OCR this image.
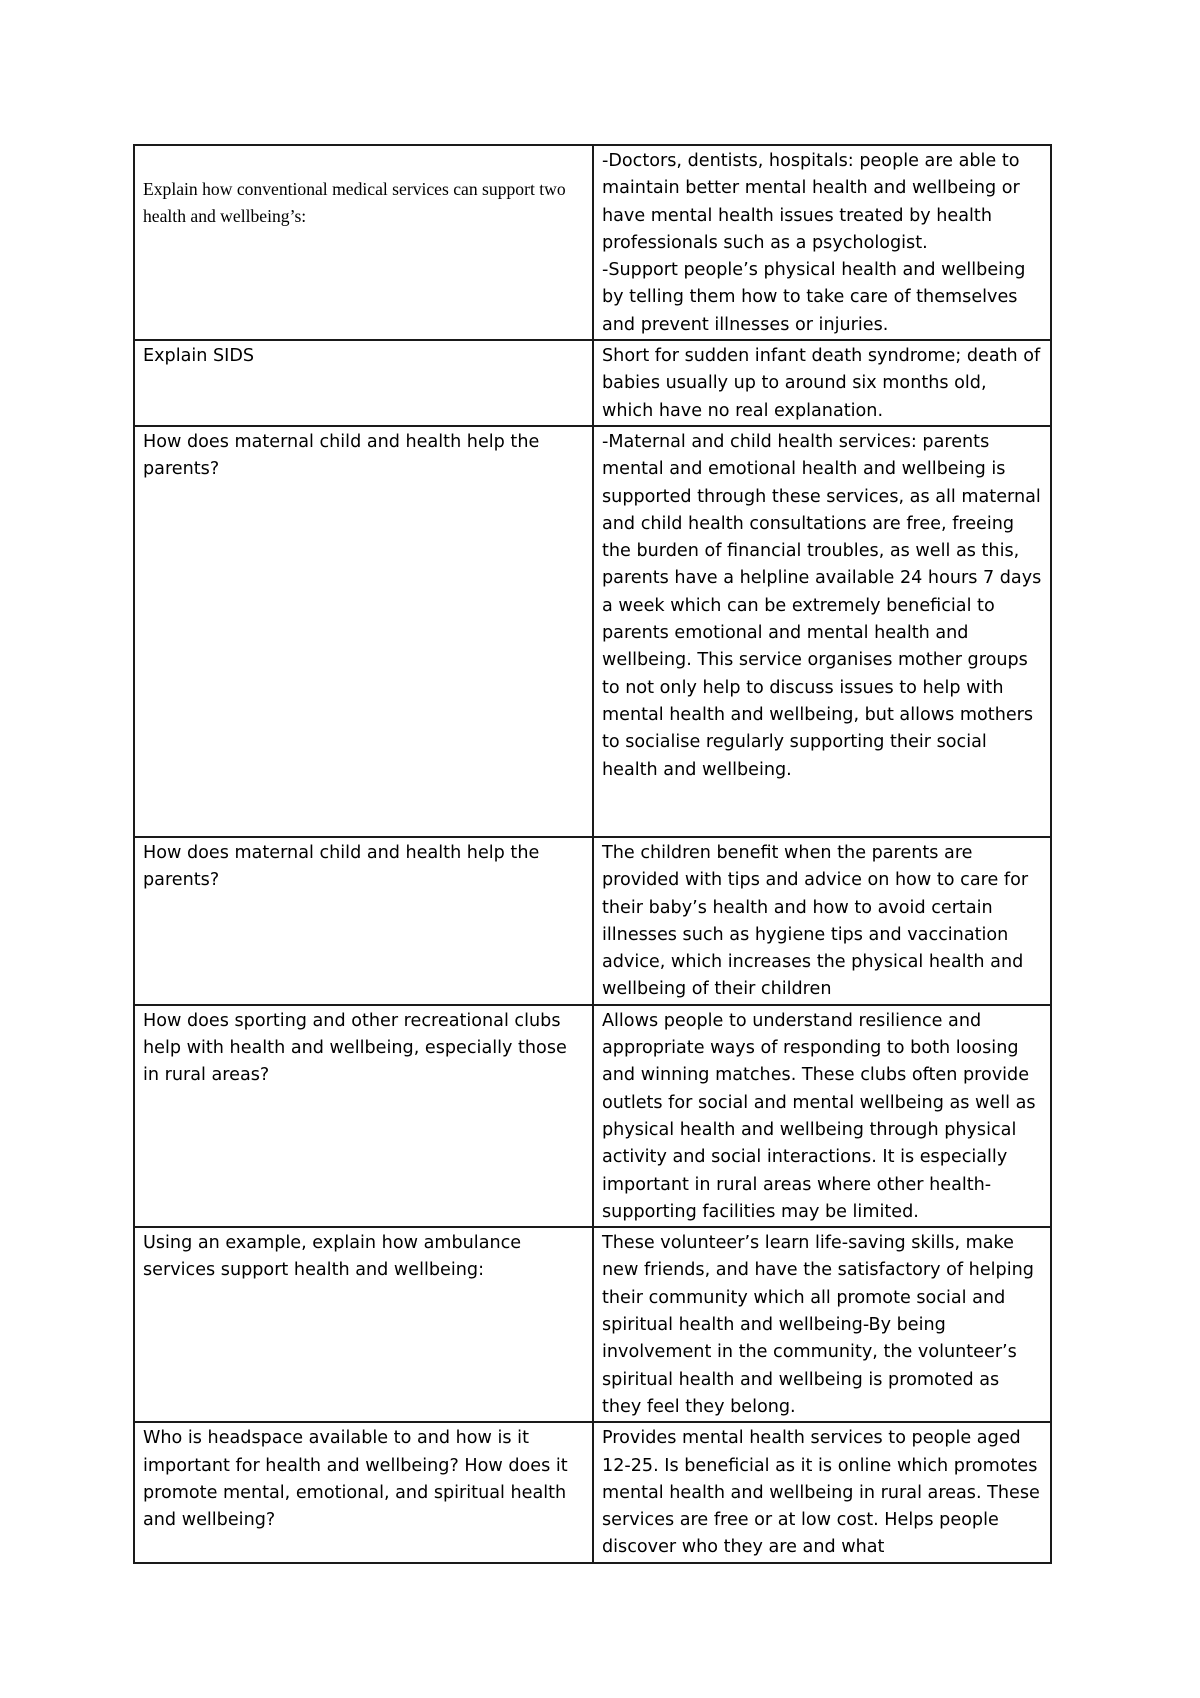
Explain how conventional medical services can support two health and wellbeing’s:	-Doctors, dentists, hospitals: people are able to maintain better mental health and wellbeing or have mental health issues treated by health professionals such as a psychologist.
-Support people’s physical health and wellbeing by telling them how to take care of themselves and prevent illnesses or injuries.

Explain SIDS	Short for sudden infant death syndrome; death of babies usually up to around six months old, which have no real explanation.

How does maternal child and health help the parents?	-Maternal and child health services: parents mental and emotional health and wellbeing is supported through these services, as all maternal and child health consultations are free, freeing the burden of financial troubles, as well as this, parents have a helpline available 24 hours 7 days a week which can be extremely beneficial to parents emotional and mental health and wellbeing. This service organises mother groups to not only help to discuss issues to help with mental health and wellbeing, but allows mothers to socialise regularly supporting their social health and wellbeing.

How does maternal child and health help the parents?	The children benefit when the parents are provided with tips and advice on how to care for their baby’s health and how to avoid certain illnesses such as hygiene tips and vaccination advice, which increases the physical health and wellbeing of their children

How does sporting and other recreational clubs help with health and wellbeing, especially those in rural areas?	Allows people to understand resilience and appropriate ways of responding to both loosing and winning matches. These clubs often provide outlets for social and mental wellbeing as well as physical health and wellbeing through physical activity and social interactions. It is especially important in rural areas where other health-supporting facilities may be limited.

Using an example, explain how ambulance services support health and wellbeing:	These volunteer’s learn life-saving skills, make new friends, and have the satisfactory of helping their community which all promote social and spiritual health and wellbeing-By being involvement in the community, the volunteer’s spiritual health and wellbeing is promoted as they feel they belong.

Who is headspace available to and how is it important for health and wellbeing? How does it promote mental, emotional, and spiritual health and wellbeing?	Provides mental health services to people aged 12-25. Is beneficial as it is online which promotes mental health and wellbeing in rural areas. These services are free or at low cost. Helps people discover who they are and what
